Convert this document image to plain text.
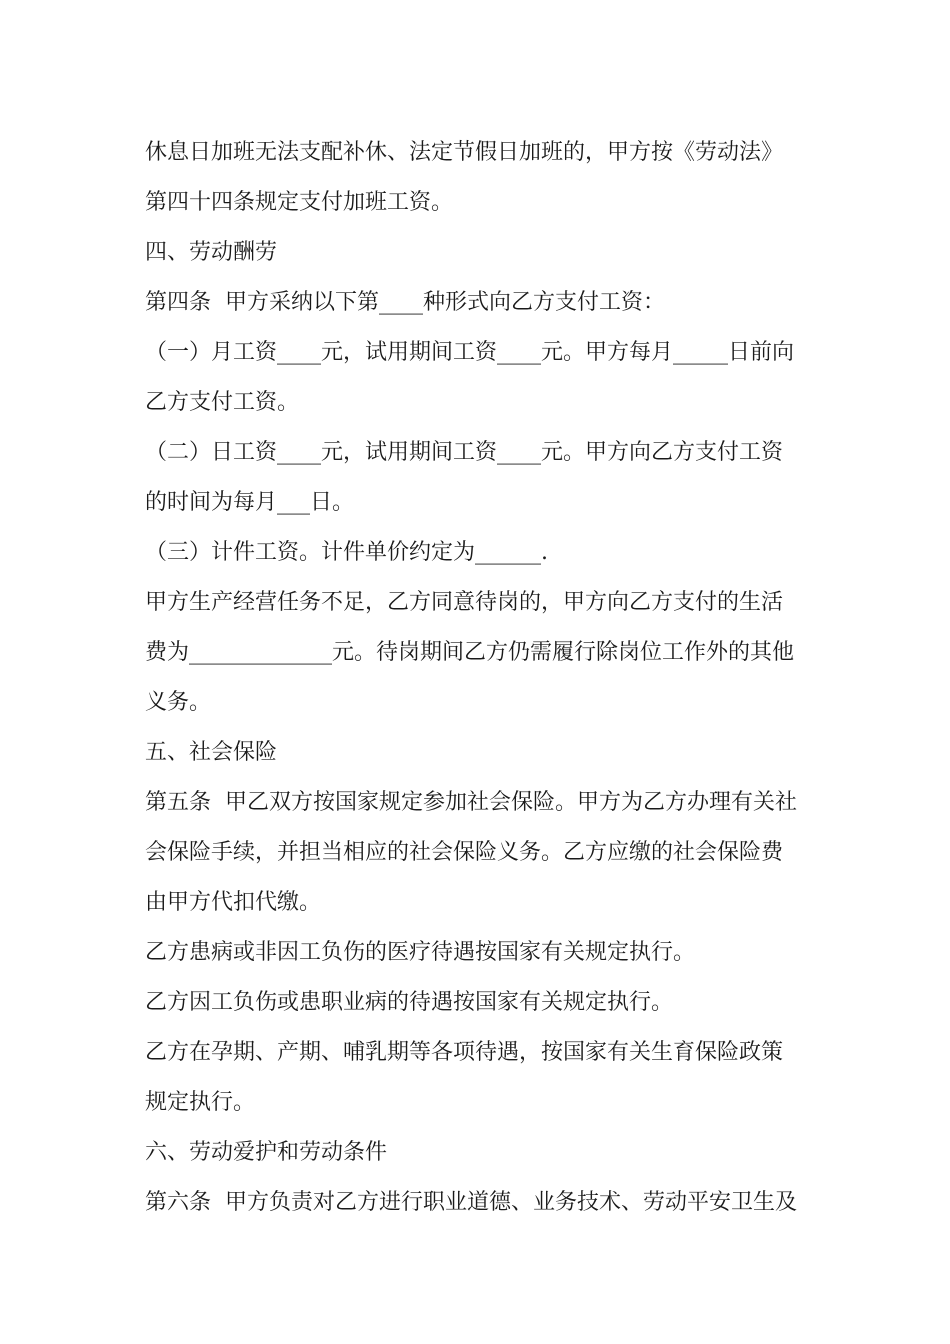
休息日加班无法支配补休、法定节假日加班的，甲方按《劳动法》
第四十四条规定支付加班工资。
四、劳动酬劳
第四条  甲方采纳以下第____种形式向乙方支付工资：
（一）月工资____元，试用期间工资____元。甲方每月_____日前向
乙方支付工资。
（二）日工资____元，试用期间工资____元。甲方向乙方支付工资
的时间为每月___日。
（三）计件工资。计件单价约定为______.
甲方生产经营任务不足，乙方同意待岗的，甲方向乙方支付的生活
费为_____________元。待岗期间乙方仍需履行除岗位工作外的其他
义务。
五、社会保险
第五条  甲乙双方按国家规定参加社会保险。甲方为乙方办理有关社
会保险手续，并担当相应的社会保险义务。乙方应缴的社会保险费
由甲方代扣代缴。
乙方患病或非因工负伤的医疗待遇按国家有关规定执行。
乙方因工负伤或患职业病的待遇按国家有关规定执行。
乙方在孕期、产期、哺乳期等各项待遇，按国家有关生育保险政策
规定执行。
六、劳动爱护和劳动条件
第六条  甲方负责对乙方进行职业道德、业务技术、劳动平安卫生及
